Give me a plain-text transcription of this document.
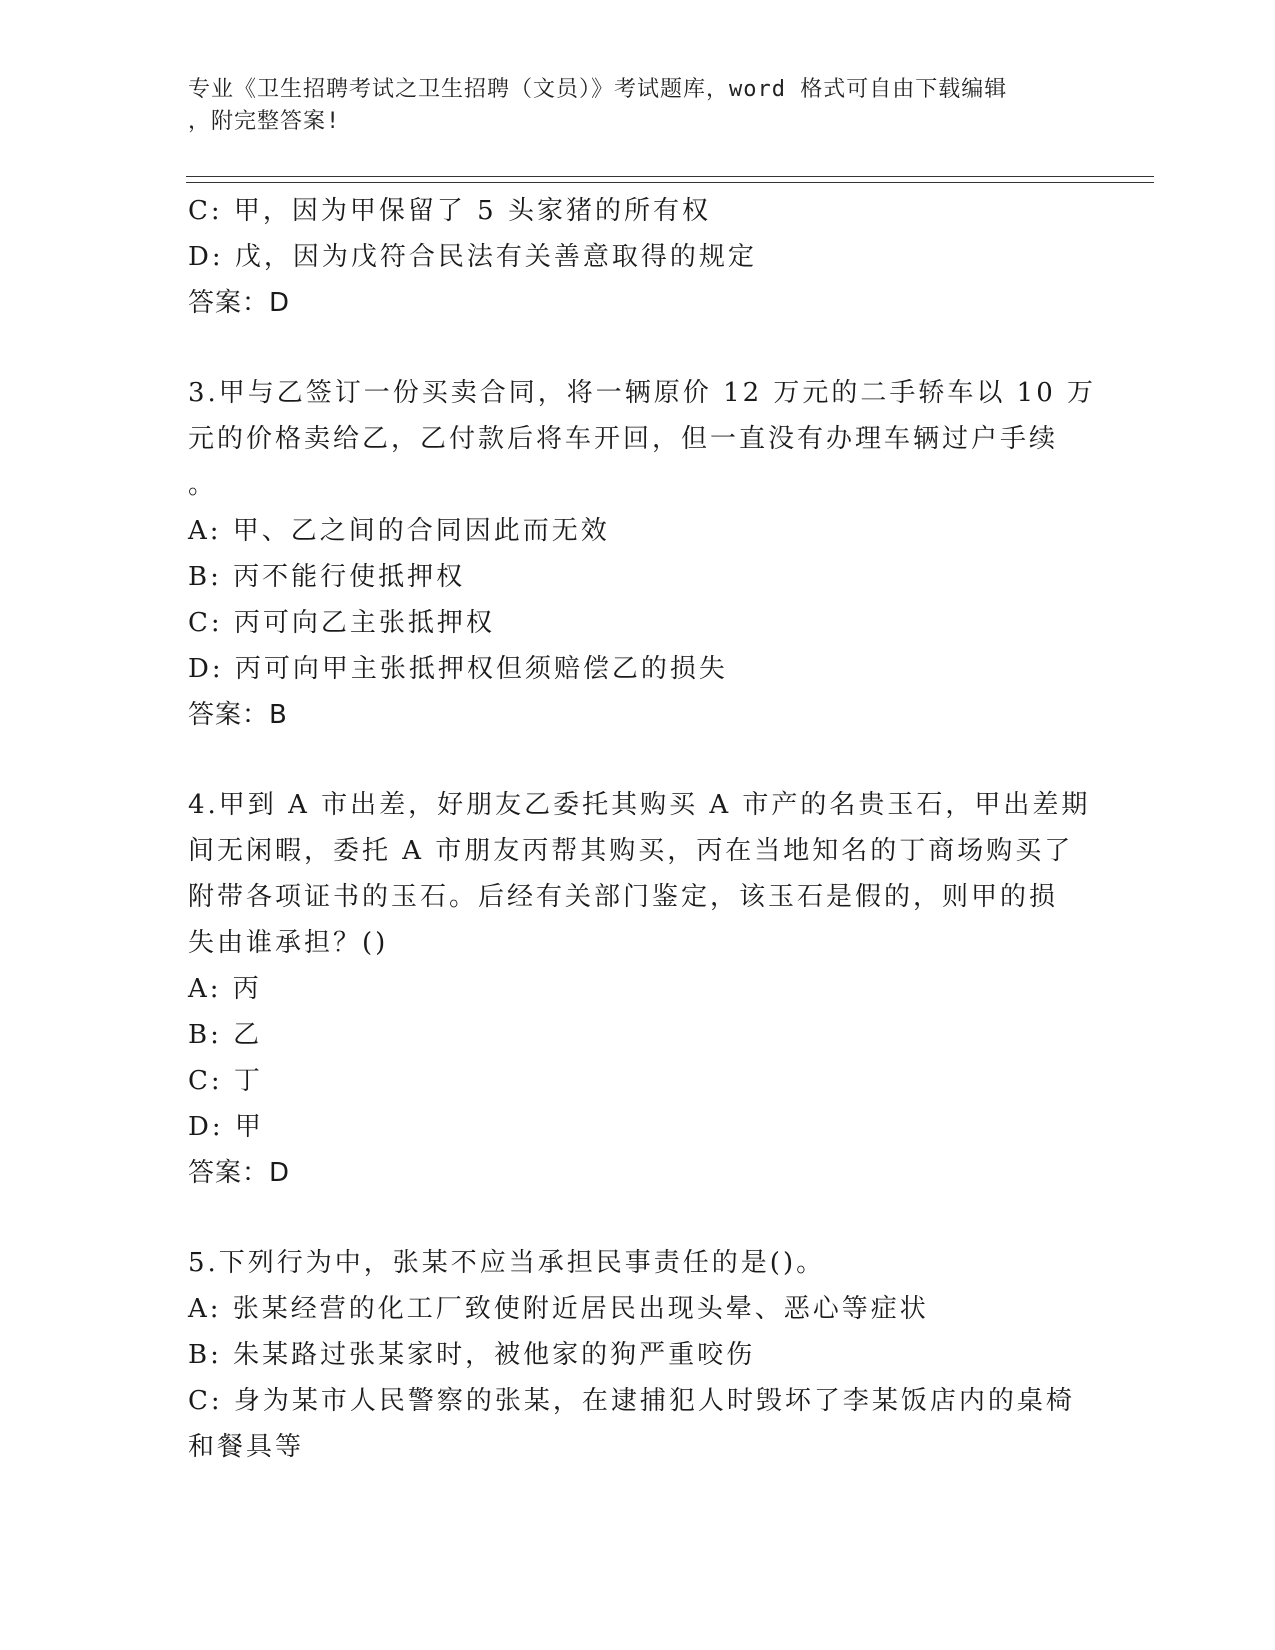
专业《卫生招聘考试之卫生招聘（文员）》考试题库，word 格式可自由下载编辑
，附完整答案!

C: 甲，因为甲保留了 5 头家猪的所有权

D: 戊，因为戊符合民法有关善意取得的规定

答案：D

3.甲与乙签订一份买卖合同，将一辆原价 12 万元的二手轿车以 10 万

元的价格卖给乙，乙付款后将车开回，但一直没有办理车辆过户手续

。

A: 甲、乙之间的合同因此而无效

B: 丙不能行使抵押权

C: 丙可向乙主张抵押权

D: 丙可向甲主张抵押权但须赔偿乙的损失

答案：B

4.甲到 A 市出差，好朋友乙委托其购买 A 市产的名贵玉石，甲出差期

间无闲暇，委托 A 市朋友丙帮其购买，丙在当地知名的丁商场购买了

附带各项证书的玉石。后经有关部门鉴定，该玉石是假的，则甲的损

失由谁承担？()

A: 丙

B: 乙

C: 丁

D: 甲

答案：D

5.下列行为中，张某不应当承担民事责任的是()。

A: 张某经营的化工厂致使附近居民出现头晕、恶心等症状

B: 朱某路过张某家时，被他家的狗严重咬伤

C: 身为某市人民警察的张某，在逮捕犯人时毁坏了李某饭店内的桌椅

和餐具等
